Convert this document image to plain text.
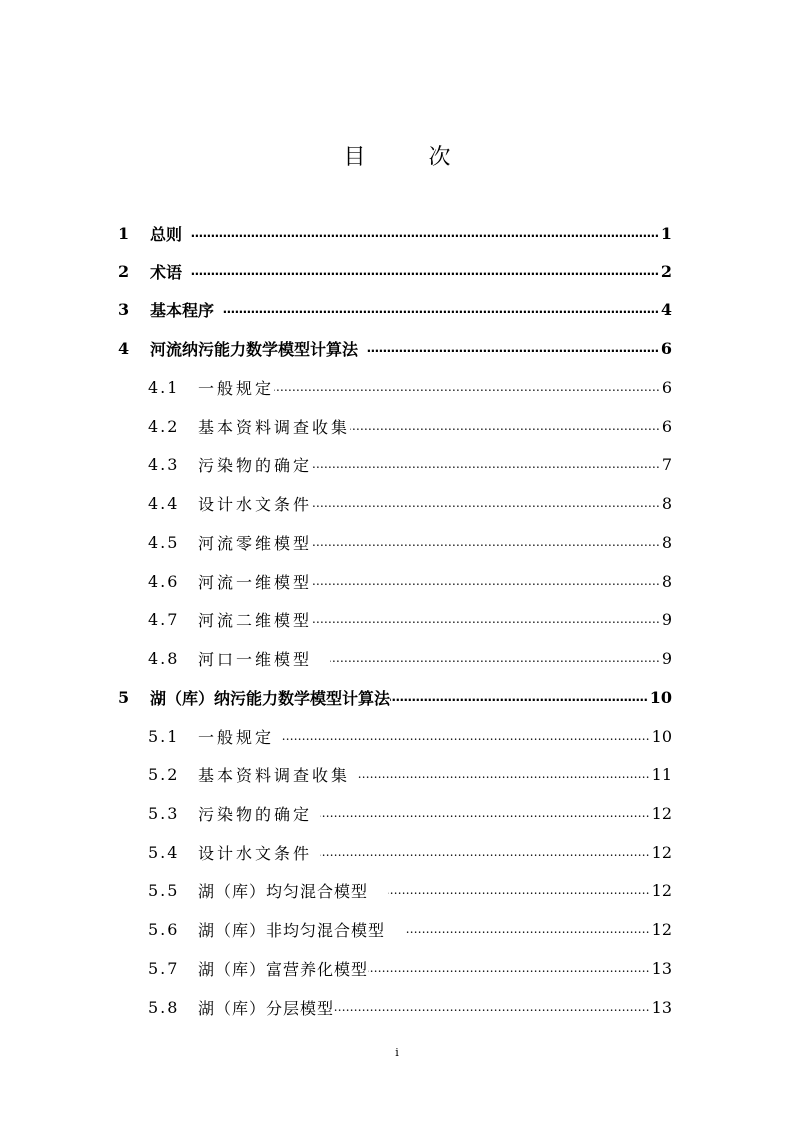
目 次
1	总则 …………………………………………………………………………………………………………………………………………………………………………………………………………………………………………………………………………	1
2	术语 …………………………………………………………………………………………………………………………………………………………………………………………………………………………………………………………………………	2
3	基本程序 …………………………………………………………………………………………………………………………………………………………………………………………………………………………………………………………………………	4
4	河流纳污能力数学模型计算法 …………………………………………………………………………………………………………………………………………………………………………………………………………………………………………………………………………	6
4.1	一般规定 …………………………………………………………………………………………………………………………………………………………………………………………………………………………………………………………………………	6
4.2	基本资料调查收集 …………………………………………………………………………………………………………………………………………………………………………………………………………………………………………………………………………	6
4.3	污染物的确定 …………………………………………………………………………………………………………………………………………………………………………………………………………………………………………………………………………	7
4.4	设计水文条件 …………………………………………………………………………………………………………………………………………………………………………………………………………………………………………………………………………	8
4.5	河流零维模型 …………………………………………………………………………………………………………………………………………………………………………………………………………………………………………………………………………	8
4.6	河流一维模型 …………………………………………………………………………………………………………………………………………………………………………………………………………………………………………………………………………	8
4.7	河流二维模型 …………………………………………………………………………………………………………………………………………………………………………………………………………………………………………………………………………	9
4.8	河口一维模型 …………………………………………………………………………………………………………………………………………………………………………………………………………………………………………………………………………	9
5	湖（库）纳污能力数学模型计算法 …………………………………………………………………………………………………………………………………………………………………………………………………………………………………………………………………………	10
5.1	一般规定 …………………………………………………………………………………………………………………………………………………………………………………………………………………………………………………………………………	10
5.2	基本资料调查收集 …………………………………………………………………………………………………………………………………………………………………………………………………………………………………………………………………………	11
5.3	污染物的确定 …………………………………………………………………………………………………………………………………………………………………………………………………………………………………………………………………………	12
5.4	设计水文条件 …………………………………………………………………………………………………………………………………………………………………………………………………………………………………………………………………………	12
5.5	湖（库）均匀混合模型 …………………………………………………………………………………………………………………………………………………………………………………………………………………………………………………………………………	12
5.6	湖（库）非均匀混合模型 …………………………………………………………………………………………………………………………………………………………………………………………………………………………………………………………………………	12
5.7	湖（库）富营养化模型 …………………………………………………………………………………………………………………………………………………………………………………………………………………………………………………………………………	13
5.8	湖（库）分层模型 …………………………………………………………………………………………………………………………………………………………………………………………………………………………………………………………………………	13
i
